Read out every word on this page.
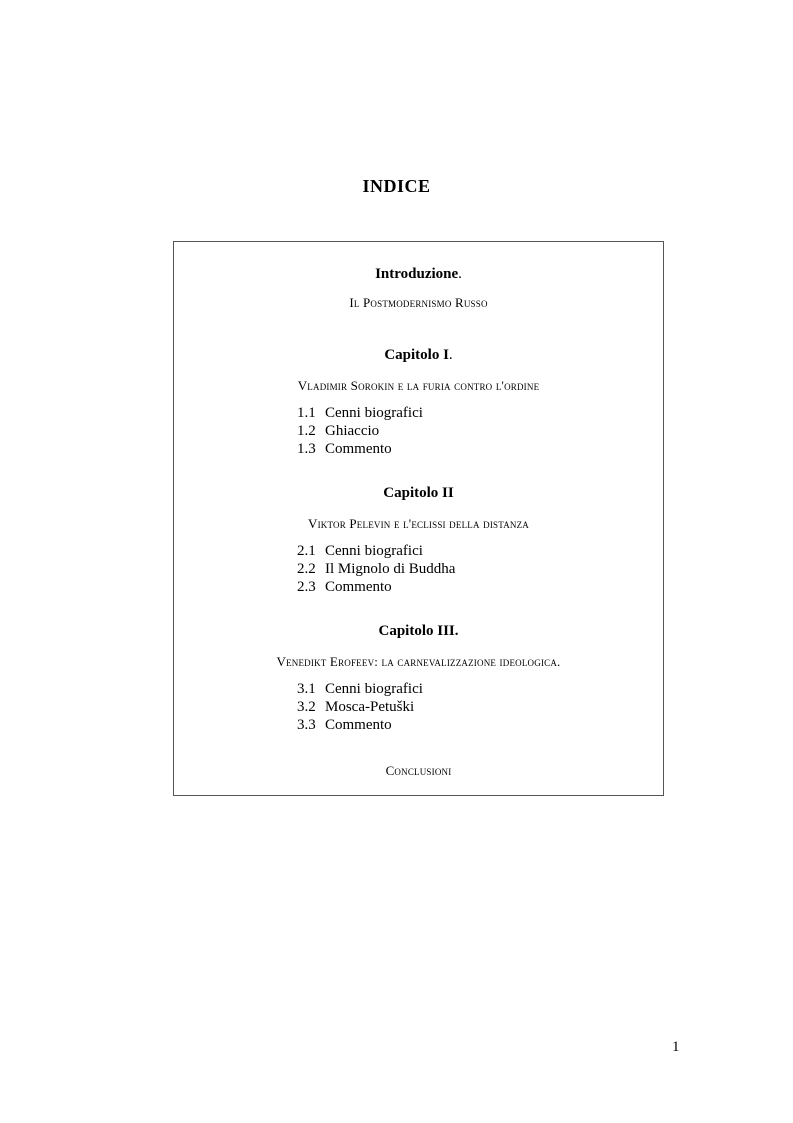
INDICE
Introduzione.
Il Postmodernismo Russo
Capitolo I.
Vladimir Sorokin e la furia contro l'ordine
1.1 Cenni biografici
1.2 Ghiaccio
1.3 Commento
Capitolo II
Viktor Pelevin e l'eclissi della distanza
2.1 Cenni biografici
2.2 Il Mignolo di Buddha
2.3 Commento
Capitolo III.
Venedikt Erofeev: la carnevalizzazione ideologica.
3.1 Cenni biografici
3.2 Mosca-Petuški
3.3 Commento
Conclusioni
1
